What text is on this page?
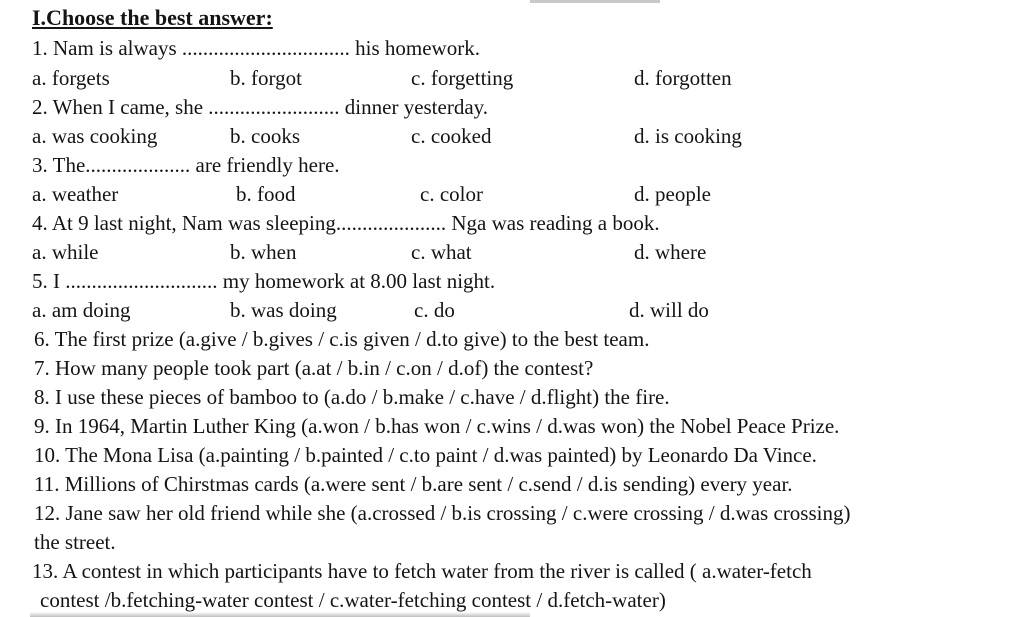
I.Choose the best answer:
1. Nam is always ................................ his homework.
a. forgets	b. forgot	c. forgetting	d. forgotten
2. When I came, she ......................... dinner yesterday.
a. was cooking	b. cooks	c. cooked	d. is cooking
3. The.................... are friendly here.
a. weather	b. food	c. color	d. people
4. At 9 last night, Nam was sleeping..................... Nga was reading a book.
a. while	b. when	c. what	d. where
5. I ............................. my homework at 8.00 last night.
a. am doing	b. was doing	c. do	d. will do
6. The first prize (a.give / b.gives / c.is given / d.to give) to the best team.
7. How many people took part (a.at / b.in / c.on / d.of) the contest?
8. I use these pieces of bamboo to (a.do / b.make / c.have / d.flight) the fire.
9. In 1964, Martin Luther King (a.won / b.has won / c.wins / d.was won) the Nobel Peace Prize.
10. The Mona Lisa (a.painting / b.painted / c.to paint / d.was painted) by Leonardo Da Vince.
11. Millions of Chirstmas cards (a.were sent / b.are sent / c.send / d.is sending) every year.
12. Jane saw her old friend while she (a.crossed / b.is crossing / c.were crossing / d.was crossing)
the street.
13. A contest in which participants have to fetch water from the river is called ( a.water-fetch
contest /b.fetching-water contest / c.water-fetching contest / d.fetch-water)
